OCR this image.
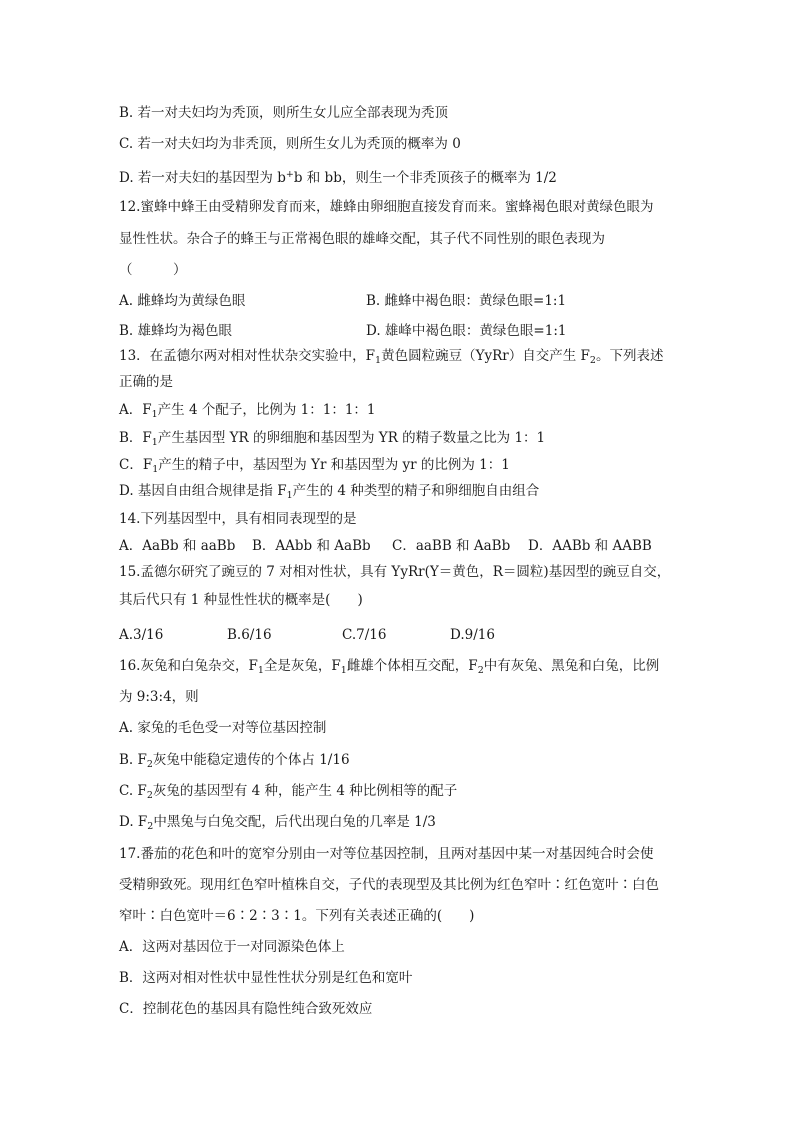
B. 若一对夫妇均为秃顶，则所生女儿应全部表现为秃顶
C. 若一对夫妇均为非秃顶，则所生女儿为秃顶的概率为 0
D. 若一对夫妇的基因型为 b+b 和 bb，则生一个非秃顶孩子的概率为 1/2
12.蜜蜂中蜂王由受精卵发育而来，雄蜂由卵细胞直接发育而来。蜜蜂褐色眼对黄绿色眼为
显性性状。杂合子的蜂王与正常褐色眼的雄峰交配，其子代不同性别的眼色表现为
（　　　）
A. 雌蜂均为黄绿色眼	B. 雌蜂中褐色眼：黄绿色眼=1:1
B. 雄蜂均为褐色眼	D. 雄峰中褐色眼：黄绿色眼=1:1
13．在孟德尔两对相对性状杂交实验中，$F_1$黄色圆粒豌豆（YyRr）自交产生 $F_2$。下列表述
正确的是
A．$F_1$产生 4 个配子，比例为 1：1：1：1
B．$F_1$产生基因型 YR 的卵细胞和基因型为 YR 的精子数量之比为 1：1
C．$F_1$产生的精子中，基因型为 Yr 和基因型为 yr 的比例为 1：1
D. 基因自由组合规律是指 $F_1$产生的 4 种类型的精子和卵细胞自由组合
14.下列基因型中，具有相同表现型的是
A．AaBb 和 aaBb B．AAbb 和 AaBb C．aaBB 和 AaBb D．AABb 和 AABB
15.孟德尔研究了豌豆的 7 对相对性状，具有 YyRr(Y＝黄色，R＝圆粒)基因型的豌豆自交，
其后代只有 1 种显性性状的概率是(　　)
A.3/16	B.6/16	C.7/16	D.9/16
16.灰兔和白兔杂交，$F_1$全是灰兔，$F_1$雌雄个体相互交配，$F_2$中有灰兔、黑兔和白兔，比例
为 9:3:4，则
A. 家兔的毛色受一对等位基因控制
B. $F_2$灰兔中能稳定遗传的个体占 1/16
C. $F_2$灰兔的基因型有 4 种，能产生 4 种比例相等的配子
D. $F_2$中黑兔与白兔交配，后代出现白兔的几率是 1/3
17.番茄的花色和叶的宽窄分别由一对等位基因控制，且两对基因中某一对基因纯合时会使
受精卵致死。现用红色窄叶植株自交，子代的表现型及其比例为红色窄叶∶红色宽叶∶白色
窄叶∶白色宽叶＝6∶2∶3∶1。下列有关表述正确的(　　)
A．这两对基因位于一对同源染色体上
B．这两对相对性状中显性性状分别是红色和宽叶
C．控制花色的基因具有隐性纯合致死效应
